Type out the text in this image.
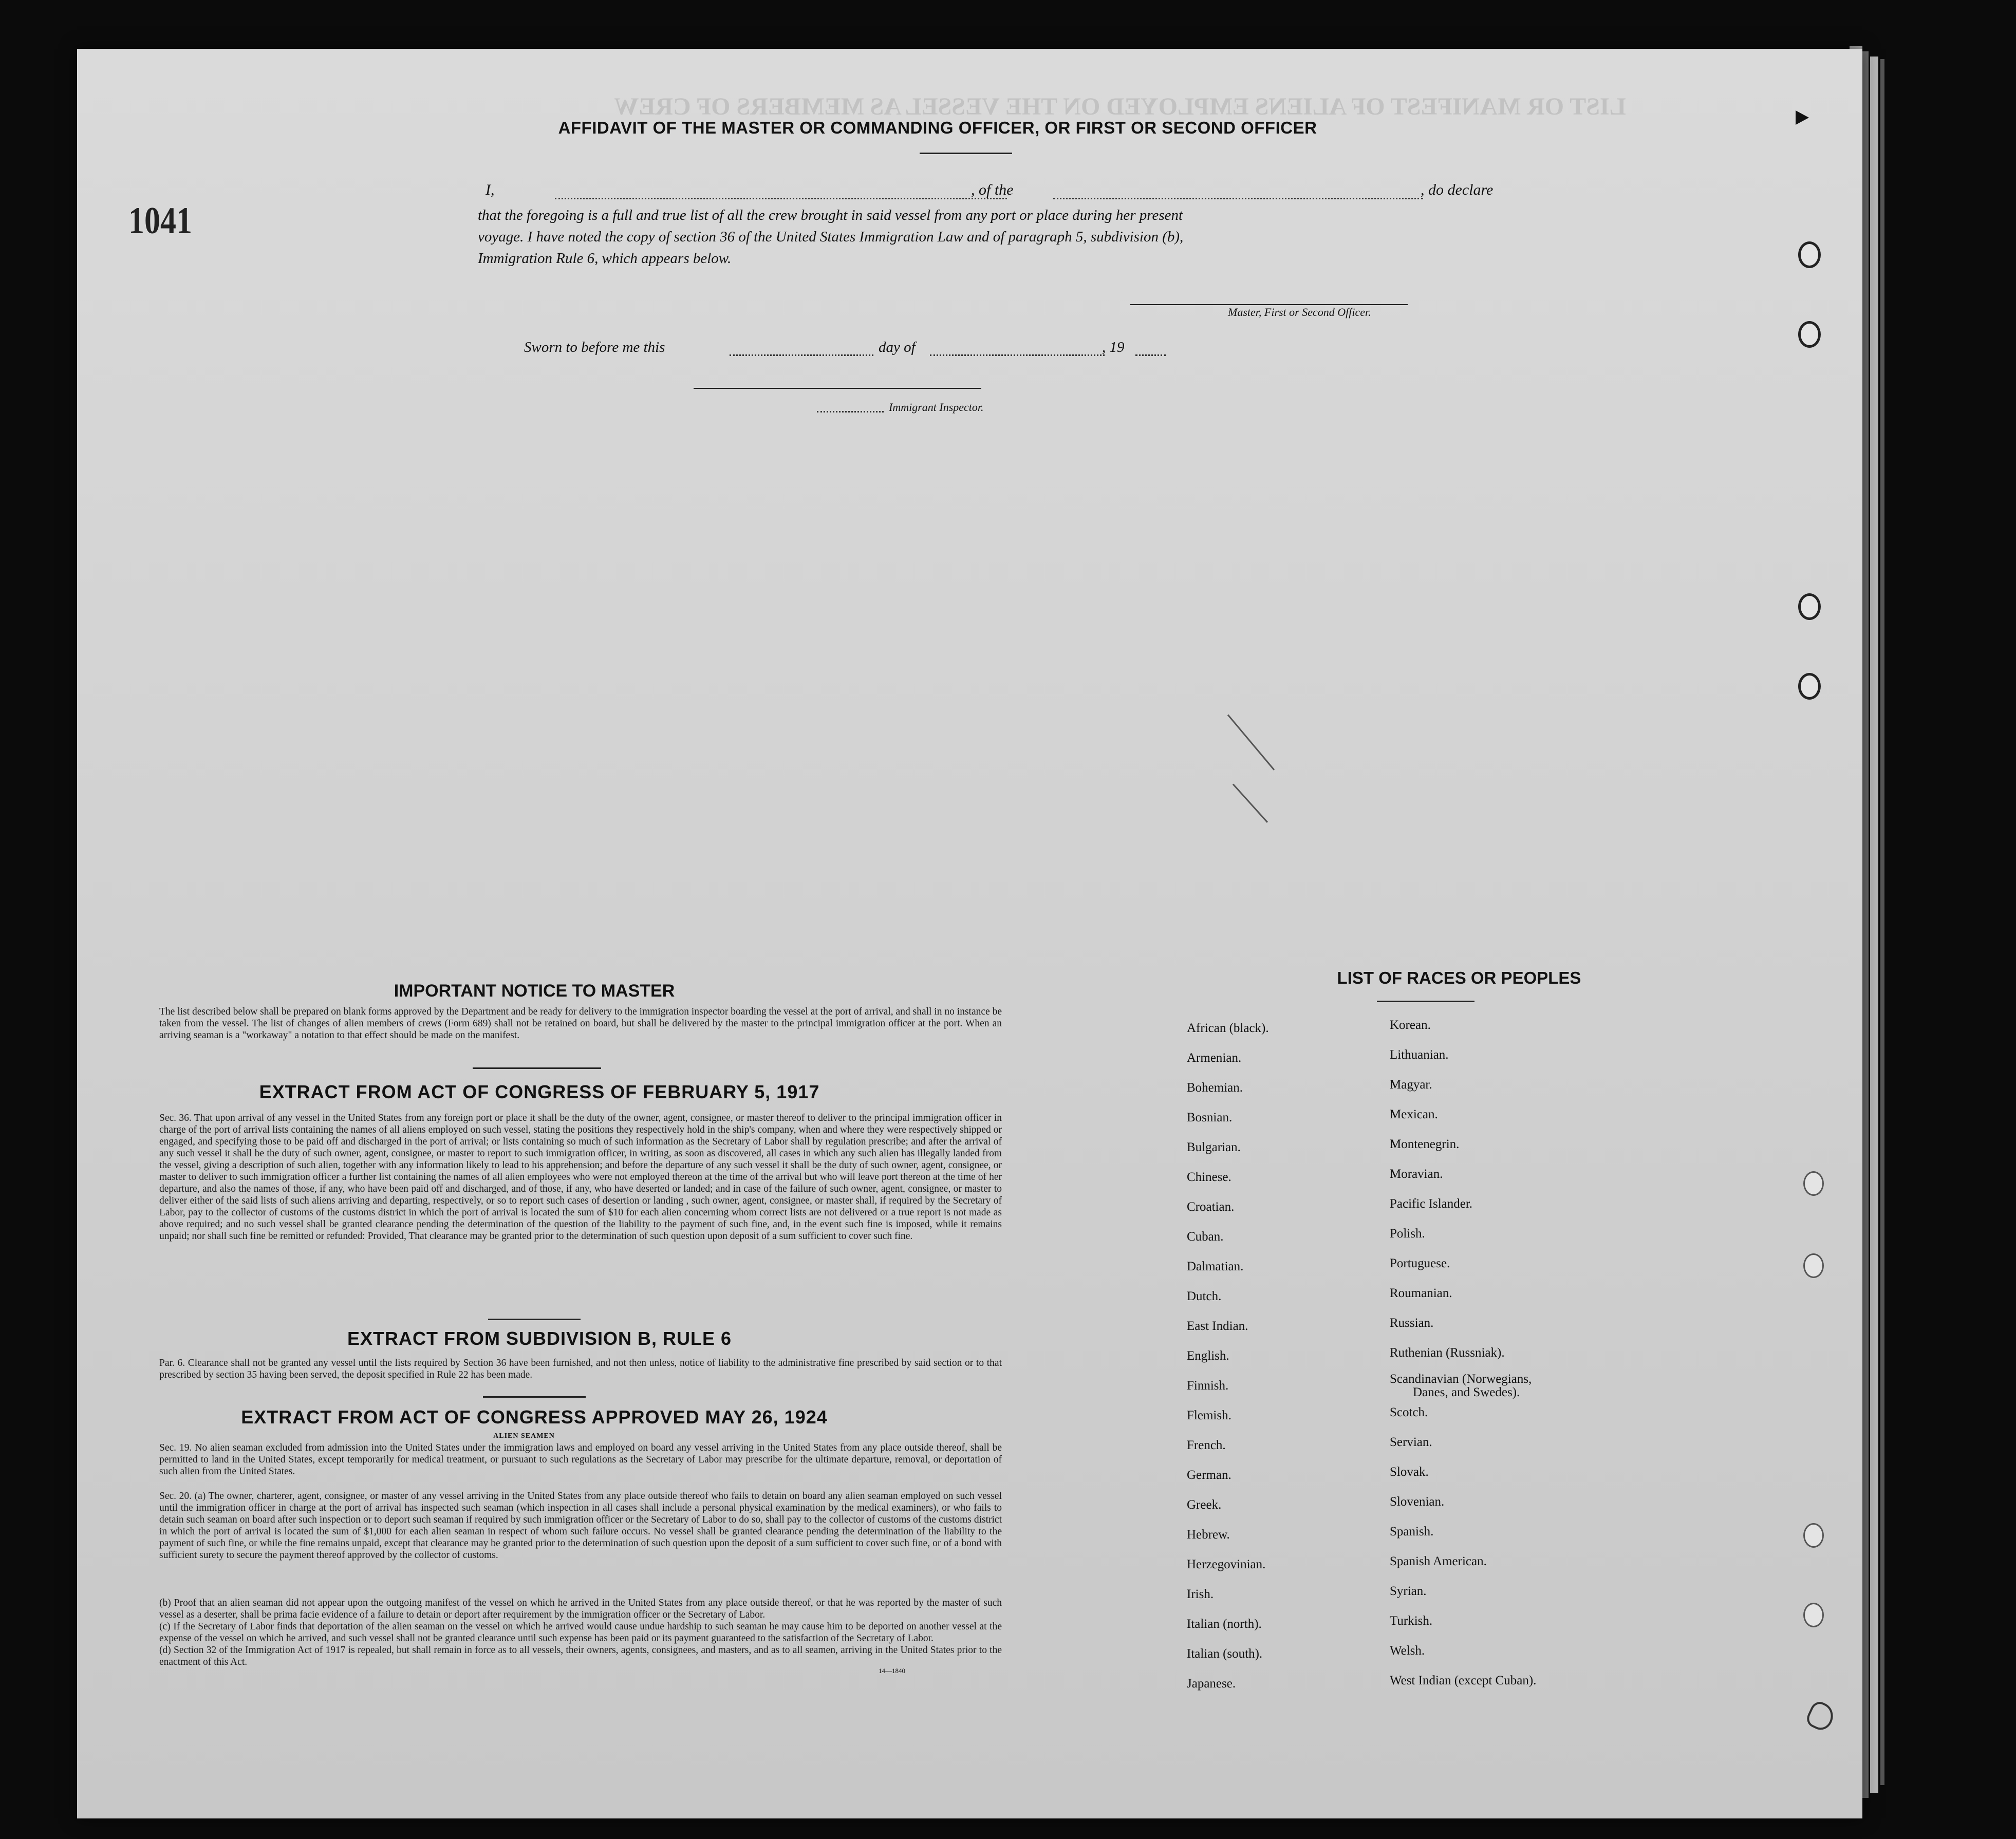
LIST OR MANIFEST OF ALIENS EMPLOYED ON THE VESSEL AS MEMBERS OF CREW
1041
AFFIDAVIT OF THE MASTER OR COMMANDING OFFICER, OR FIRST OR SECOND OFFICER
I,	, of the	, do declare
that the foregoing is a full and true list of all the crew brought in said vessel from any port or place during her present
voyage. I have noted the copy of section 36 of the United States Immigration Law and of paragraph 5, subdivision (b),
Immigration Rule 6, which appears below.
Master, First or Second Officer.
Sworn to before me this	day of	, 19
Immigrant Inspector.
IMPORTANT NOTICE TO MASTER
The list described below shall be prepared on blank forms approved by the Department and be ready for delivery to the immigration inspector boarding the vessel at the port of arrival, and shall in no instance be taken from the vessel. The list of changes of alien members of crews (Form 689) shall not be retained on board, but shall be delivered by the master to the principal immigration officer at the port. When an arriving seaman is a "workaway" a notation to that effect should be made on the manifest.
EXTRACT FROM ACT OF CONGRESS OF FEBRUARY 5, 1917
Sec. 36. That upon arrival of any vessel in the United States from any foreign port or place it shall be the duty of the owner, agent, consignee, or master thereof to deliver to the principal immigration officer in charge of the port of arrival lists containing the names of all aliens employed on such vessel, stating the positions they respectively hold in the ship's company, when and where they were respectively shipped or engaged, and specifying those to be paid off and discharged in the port of arrival; or lists containing so much of such information as the Secretary of Labor shall by regulation prescribe; and after the arrival of any such vessel it shall be the duty of such owner, agent, consignee, or master to report to such immigration officer, in writing, as soon as discovered, all cases in which any such alien has illegally landed from the vessel, giving a description of such alien, together with any information likely to lead to his apprehension; and before the departure of any such vessel it shall be the duty of such owner, agent, consignee, or master to deliver to such immigration officer a further list containing the names of all alien employees who were not employed thereon at the time of the arrival but who will leave port thereon at the time of her departure, and also the names of those, if any, who have been paid off and discharged, and of those, if any, who have deserted or landed; and in case of the failure of such owner, agent, consignee, or master to deliver either of the said lists of such aliens arriving and departing, respectively, or so to report such cases of desertion or landing , such owner, agent, consignee, or master shall, if required by the Secretary of Labor, pay to the collector of customs of the customs district in which the port of arrival is located the sum of $10 for each alien concerning whom correct lists are not delivered or a true report is not made as above required; and no such vessel shall be granted clearance pending the determination of the question of the liability to the payment of such fine, and, in the event such fine is imposed, while it remains unpaid; nor shall such fine be remitted or refunded: Provided, That clearance may be granted prior to the determination of such question upon deposit of a sum sufficient to cover such fine.
EXTRACT FROM SUBDIVISION B, RULE 6
Par. 6. Clearance shall not be granted any vessel until the lists required by Section 36 have been furnished, and not then unless, notice of liability to the administrative fine prescribed by said section or to that prescribed by section 35 having been served, the deposit specified in Rule 22 has been made.
EXTRACT FROM ACT OF CONGRESS APPROVED MAY 26, 1924
ALIEN SEAMEN
Sec. 19. No alien seaman excluded from admission into the United States under the immigration laws and employed on board any vessel arriving in the United States from any place outside thereof, shall be permitted to land in the United States, except temporarily for medical treatment, or pursuant to such regulations as the Secretary of Labor may prescribe for the ultimate departure, removal, or deportation of such alien from the United States.
Sec. 20. (a) The owner, charterer, agent, consignee, or master of any vessel arriving in the United States from any place outside thereof who fails to detain on board any alien seaman employed on such vessel until the immigration officer in charge at the port of arrival has inspected such seaman (which inspection in all cases shall include a personal physical examination by the medical examiners), or who fails to detain such seaman on board after such inspection or to deport such seaman if required by such immigration officer or the Secretary of Labor to do so, shall pay to the collector of customs of the customs district in which the port of arrival is located the sum of $1,000 for each alien seaman in respect of whom such failure occurs. No vessel shall be granted clearance pending the determination of the liability to the payment of such fine, or while the fine remains unpaid, except that clearance may be granted prior to the determination of such question upon the deposit of a sum sufficient to cover such fine, or of a bond with sufficient surety to secure the payment thereof approved by the collector of customs.
(b) Proof that an alien seaman did not appear upon the outgoing manifest of the vessel on which he arrived in the United States from any place outside thereof, or that he was reported by the master of such vessel as a deserter, shall be prima facie evidence of a failure to detain or deport after requirement by the immigration officer or the Secretary of Labor.
(c) If the Secretary of Labor finds that deportation of the alien seaman on the vessel on which he arrived would cause undue hardship to such seaman he may cause him to be deported on another vessel at the expense of the vessel on which he arrived, and such vessel shall not be granted clearance until such expense has been paid or its payment guaranteed to the satisfaction of the Secretary of Labor.
(d) Section 32 of the Immigration Act of 1917 is repealed, but shall remain in force as to all vessels, their owners, agents, consignees, and masters, and as to all seamen, arriving in the United States prior to the enactment of this Act.
14—1840
LIST OF RACES OR PEOPLES
African (black).
Armenian.
Bohemian.
Bosnian.
Bulgarian.
Chinese.
Croatian.
Cuban.
Dalmatian.
Dutch.
East Indian.
English.
Finnish.
Flemish.
French.
German.
Greek.
Hebrew.
Herzegovinian.
Irish.
Italian (north).
Italian (south).
Japanese.
Korean.
Lithuanian.
Magyar.
Mexican.
Montenegrin.
Moravian.
Pacific Islander.
Polish.
Portuguese.
Roumanian.
Russian.
Ruthenian (Russniak).
Scandinavian (Norwegians,
Danes, and Swedes).
Scotch.
Servian.
Slovak.
Slovenian.
Spanish.
Spanish American.
Syrian.
Turkish.
Welsh.
West Indian (except Cuban).
